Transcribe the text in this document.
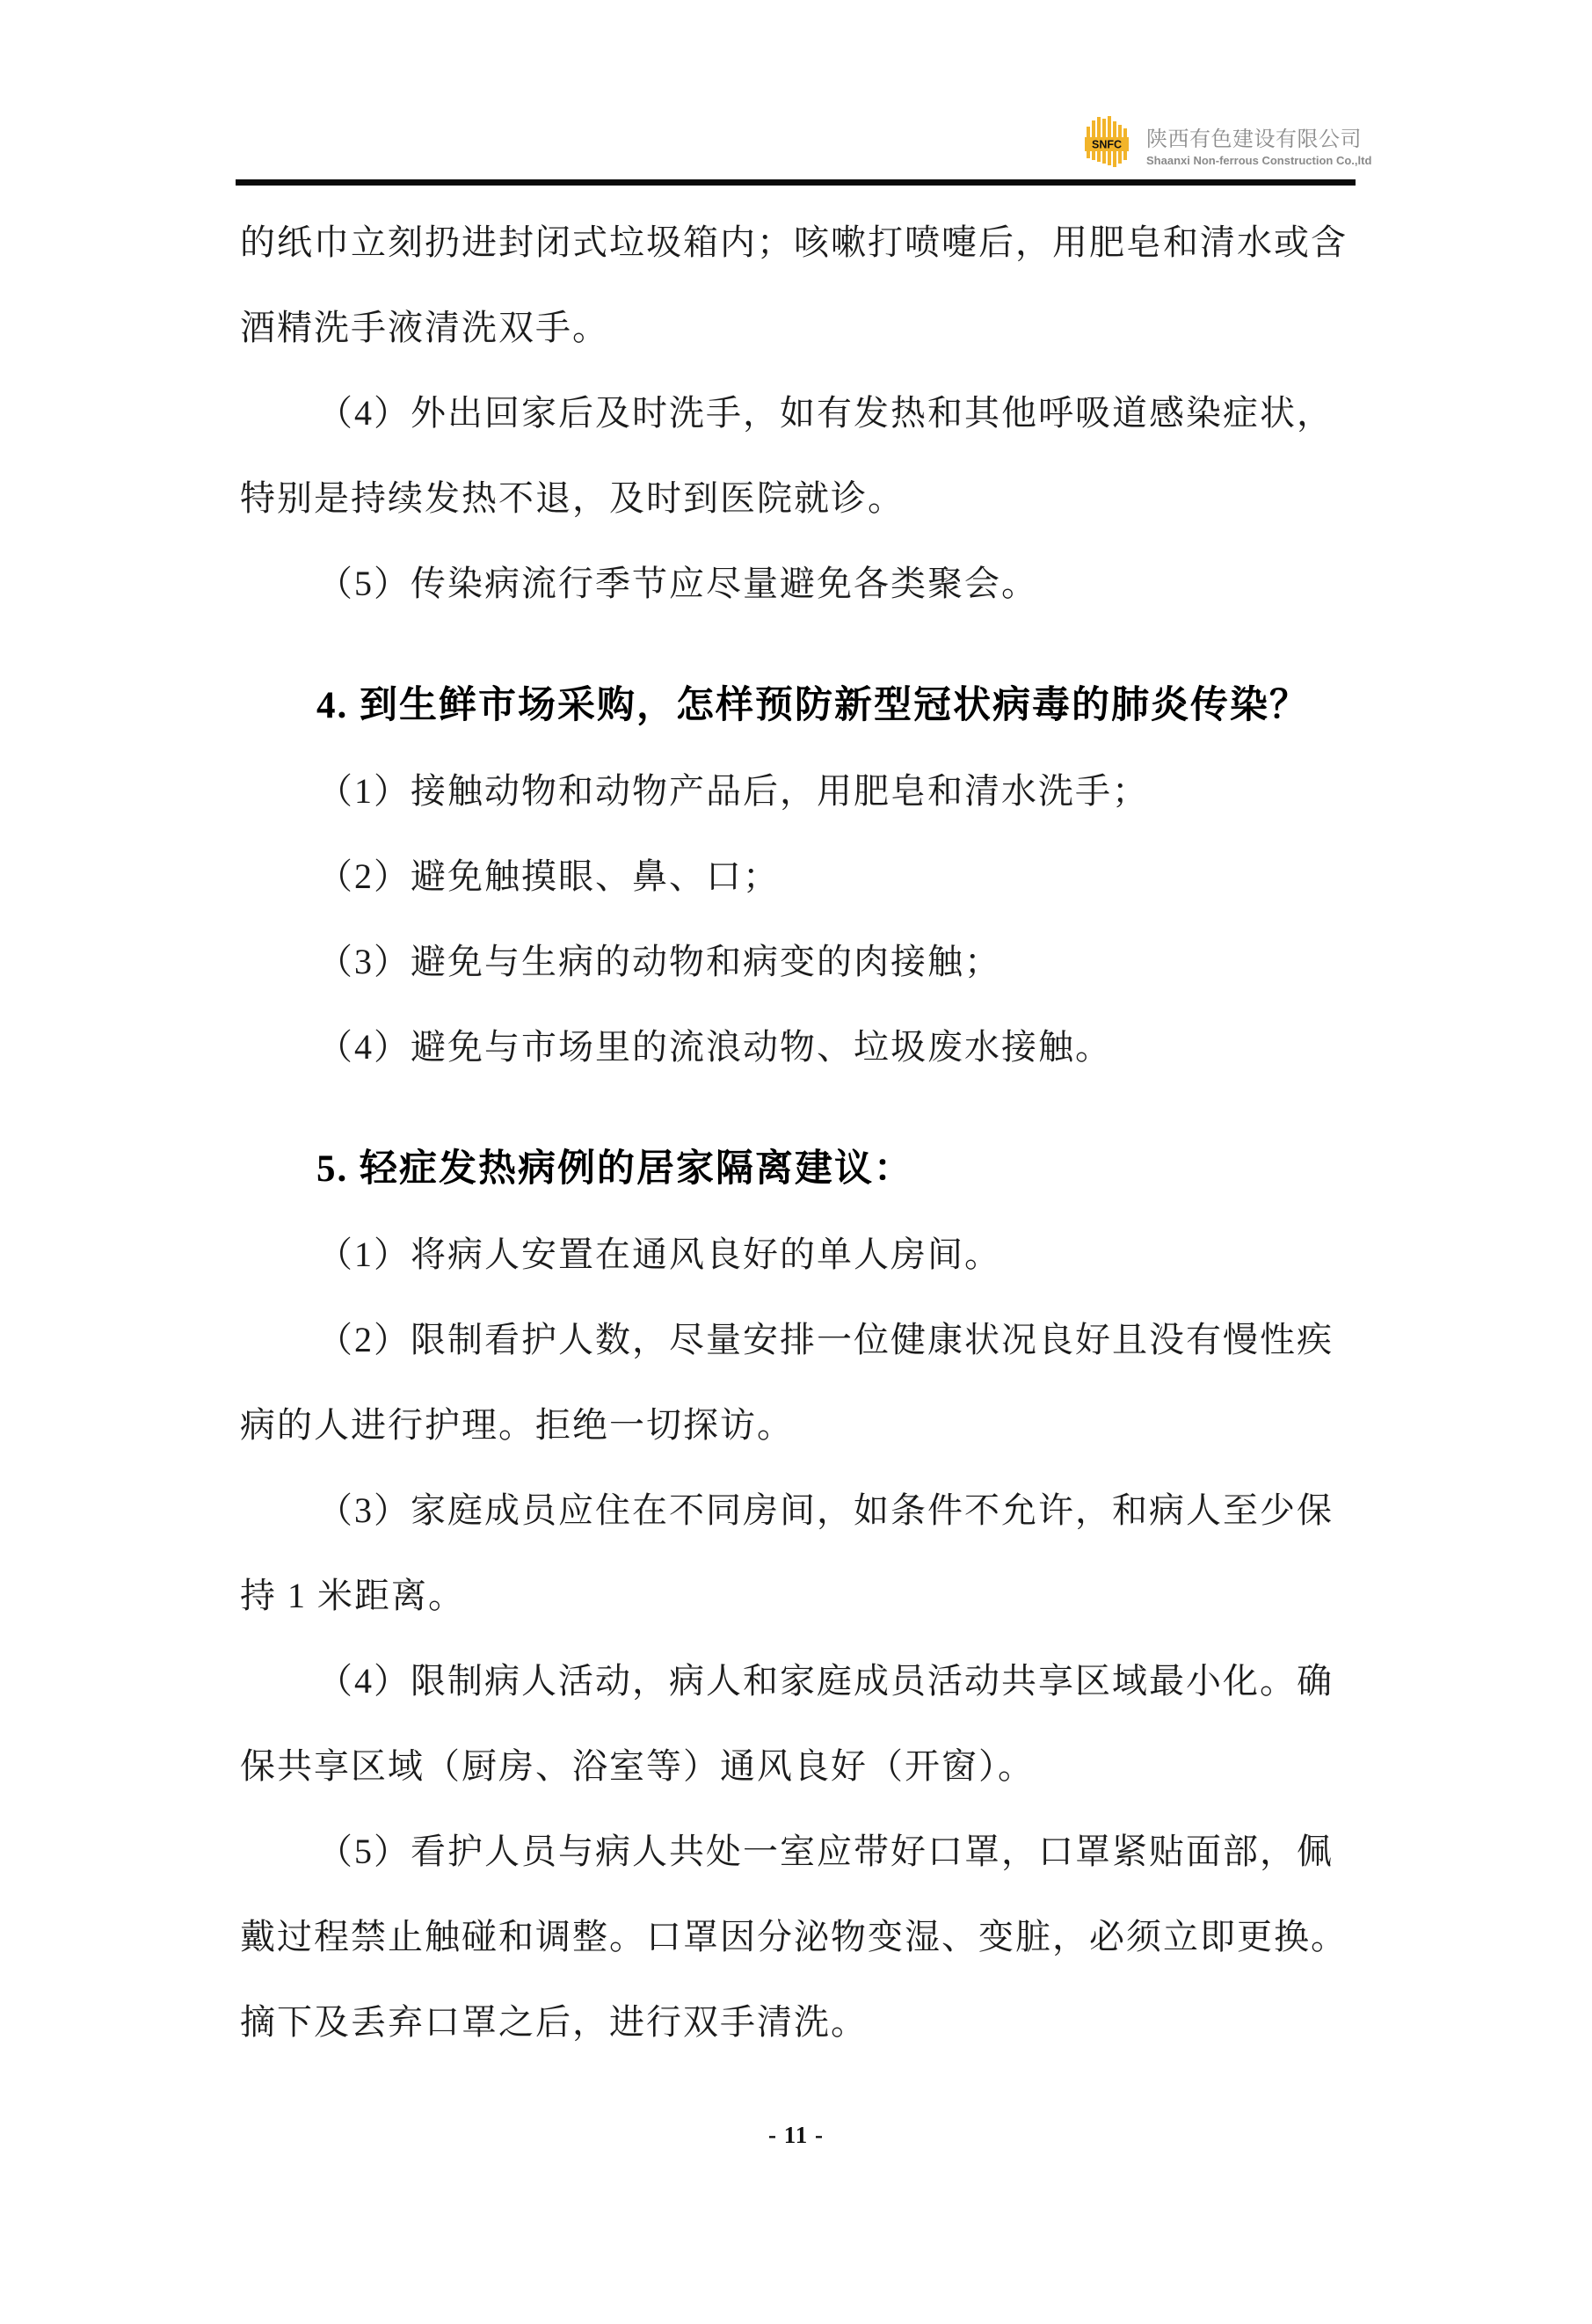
SNFC 陕西有色建设有限公司
Shaanxi Non-ferrous Construction Co.,ltd

的纸巾立刻扔进封闭式垃圾箱内；咳嗽打喷嚏后，用肥皂和清水或含

酒精洗手液清洗双手。

（4）外出回家后及时洗手，如有发热和其他呼吸道感染症状，

特别是持续发热不退，及时到医院就诊。

（5）传染病流行季节应尽量避免各类聚会。

4. 到生鲜市场采购，怎样预防新型冠状病毒的肺炎传染？

（1）接触动物和动物产品后，用肥皂和清水洗手；

（2）避免触摸眼、鼻、口；

（3）避免与生病的动物和病变的肉接触；

（4）避免与市场里的流浪动物、垃圾废水接触。

5. 轻症发热病例的居家隔离建议：

（1）将病人安置在通风良好的单人房间。

（2）限制看护人数，尽量安排一位健康状况良好且没有慢性疾

病的人进行护理。拒绝一切探访。

（3）家庭成员应住在不同房间，如条件不允许，和病人至少保

持 1 米距离。

（4）限制病人活动，病人和家庭成员活动共享区域最小化。确

保共享区域（厨房、浴室等）通风良好（开窗）。

（5）看护人员与病人共处一室应带好口罩，口罩紧贴面部，佩

戴过程禁止触碰和调整。口罩因分泌物变湿、变脏，必须立即更换。

摘下及丢弃口罩之后，进行双手清洗。

- 11 -
